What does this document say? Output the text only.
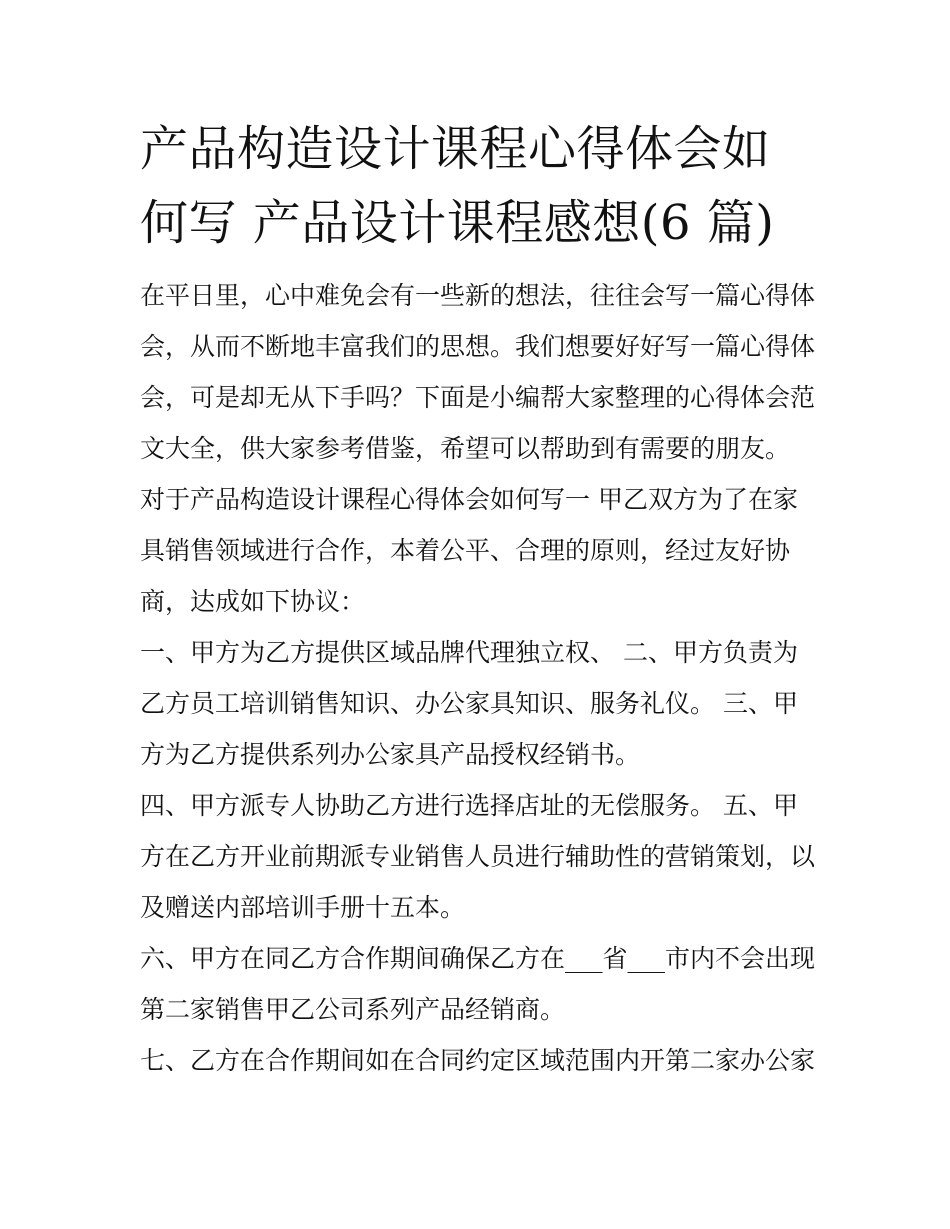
产品构造设计课程心得体会如
何写 产品设计课程感想(6 篇)

在平日里，心中难免会有一些新的想法，往往会写一篇心得体
会，从而不断地丰富我们的思想。我们想要好好写一篇心得体
会，可是却无从下手吗？下面是小编帮大家整理的心得体会范
文大全，供大家参考借鉴，希望可以帮助到有需要的朋友。

对于产品构造设计课程心得体会如何写一 甲乙双方为了在家
具销售领域进行合作，本着公平、合理的原则，经过友好协
商，达成如下协议：

一、甲方为乙方提供区域品牌代理独立权、 二、甲方负责为
乙方员工培训销售知识、办公家具知识、服务礼仪。 三、甲
方为乙方提供系列办公家具产品授权经销书。

四、甲方派专人协助乙方进行选择店址的无偿服务。 五、甲
方在乙方开业前期派专业销售人员进行辅助性的营销策划，以
及赠送内部培训手册十五本。

六、甲方在同乙方合作期间确保乙方在___省___市内不会出现
第二家销售甲乙公司系列产品经销商。

七、乙方在合作期间如在合同约定区域范围内开第二家办公家
